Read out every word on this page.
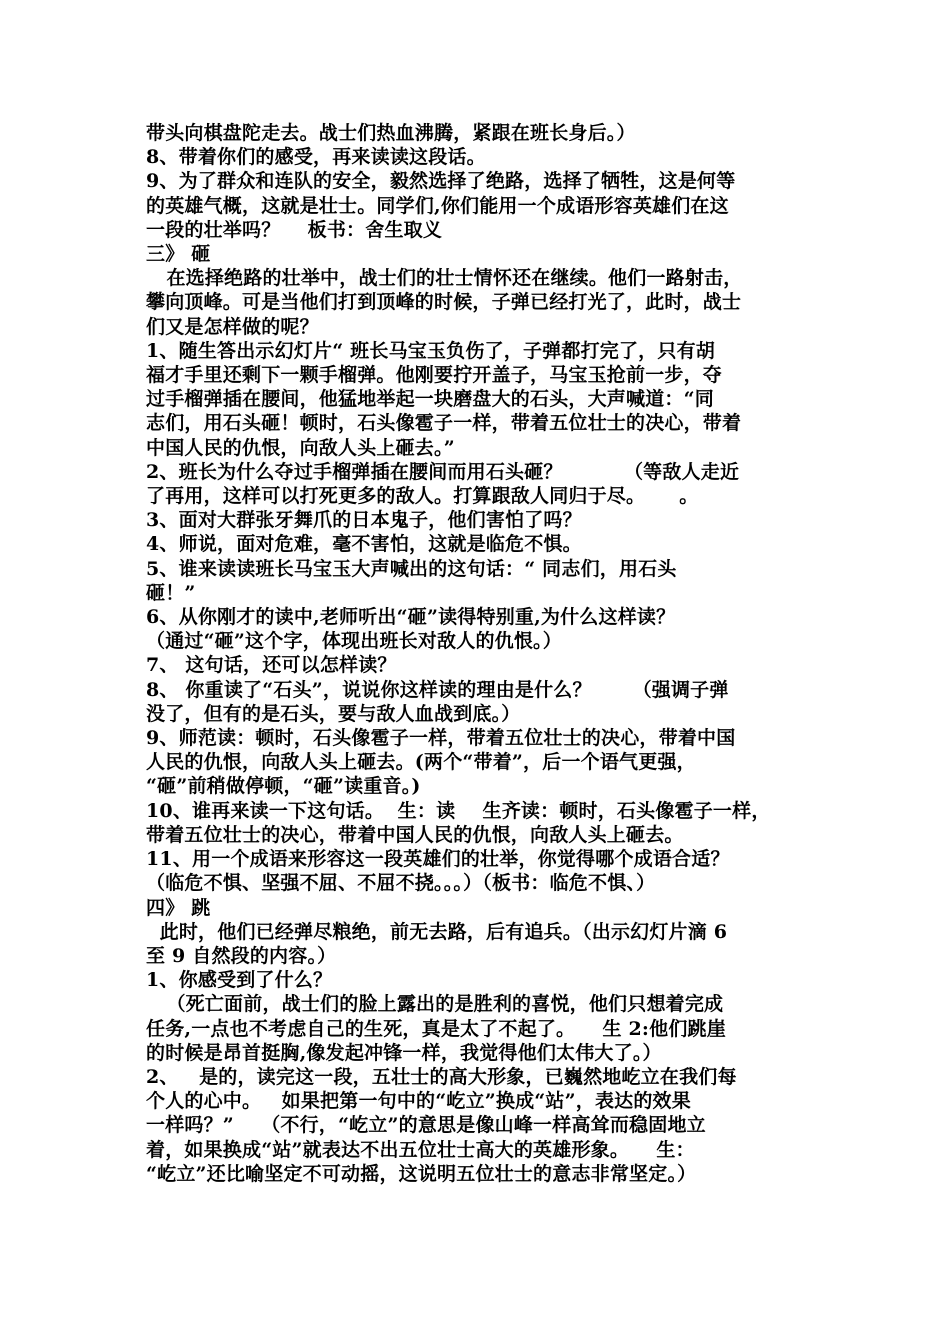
带头向棋盘陀走去。战士们热血沸腾，紧跟在班长身后。）

8、带着你们的感受，再来读读这段话。

9、为了群众和连队的安全，毅然选择了绝路，选择了牺牲，这是何等

的英雄气概，这就是壮士。同学们,你们能用一个成语形容英雄们在这

一段的壮举吗？    板书：舍生取义

三》 砸

在选择绝路的壮举中，战士们的壮士情怀还在继续。他们一路射击，

攀向顶峰。可是当他们打到顶峰的时候，子弹已经打光了，此时，战士

们又是怎样做的呢？

1、随生答出示幻灯片“ 班长马宝玉负伤了，子弹都打完了，只有胡

福才手里还剩下一颗手榴弹。他刚要拧开盖子，马宝玉抢前一步，夺

过手榴弹插在腰间，他猛地举起一块磨盘大的石头，大声喊道：“同

志们，用石头砸！顿时，石头像雹子一样，带着五位壮士的决心，带着

中国人民的仇恨，向敌人头上砸去。”

2、班长为什么夺过手榴弹插在腰间而用石头砸？         （等敌人走近

了再用，这样可以打死更多的敌人。打算跟敌人同归于尽。     。

3、面对大群张牙舞爪的日本鬼子，他们害怕了吗？

4、师说，面对危难，毫不害怕，这就是临危不惧。

5、谁来读读班长马宝玉大声喊出的这句话：“ 同志们，用石头

砸！”

6、从你刚才的读中,老师听出“砸”读得特别重,为什么这样读？

（通过“砸”这个字，体现出班长对敌人的仇恨。）

7、 这句话，还可以怎样读？

8、 你重读了“石头”，说说你这样读的理由是什么？      （强调子弹

没了，但有的是石头，要与敌人血战到底。）

9、师范读：顿时，石头像雹子一样，带着五位壮士的决心，带着中国

人民的仇恨，向敌人头上砸去。(两个“带着”，后一个语气更强，

“砸”前稍做停顿，“砸”读重音。)

10、谁再来读一下这句话。  生：读    生齐读：顿时，石头像雹子一样，

带着五位壮士的决心，带着中国人民的仇恨，向敌人头上砸去。

11、用一个成语来形容这一段英雄们的壮举，你觉得哪个成语合适？

（临危不惧、坚强不屈、不屈不挠。。。）（板书：临危不惧、）

四》 跳

此时，他们已经弹尽粮绝，前无去路，后有追兵。（出示幻灯片滴 6

至 9 自然段的内容。）

1、你感受到了什么？

（死亡面前，战士们的脸上露出的是胜利的喜悦，他们只想着完成

任务,一点也不考虑自己的生死，真是太了不起了。    生 2:他们跳崖

的时候是昂首挺胸,像发起冲锋一样，我觉得他们太伟大了。）

2、   是的，读完这一段，五壮士的高大形象，已巍然地屹立在我们每

个人的心中。   如果把第一句中的“屹立”换成“站”，表达的效果

一样吗？”    （不行，“屹立”的意思是像山峰一样高耸而稳固地立

着，如果换成“站”就表达不出五位壮士高大的英雄形象。    生：

“屹立”还比喻坚定不可动摇，这说明五位壮士的意志非常坚定。）
